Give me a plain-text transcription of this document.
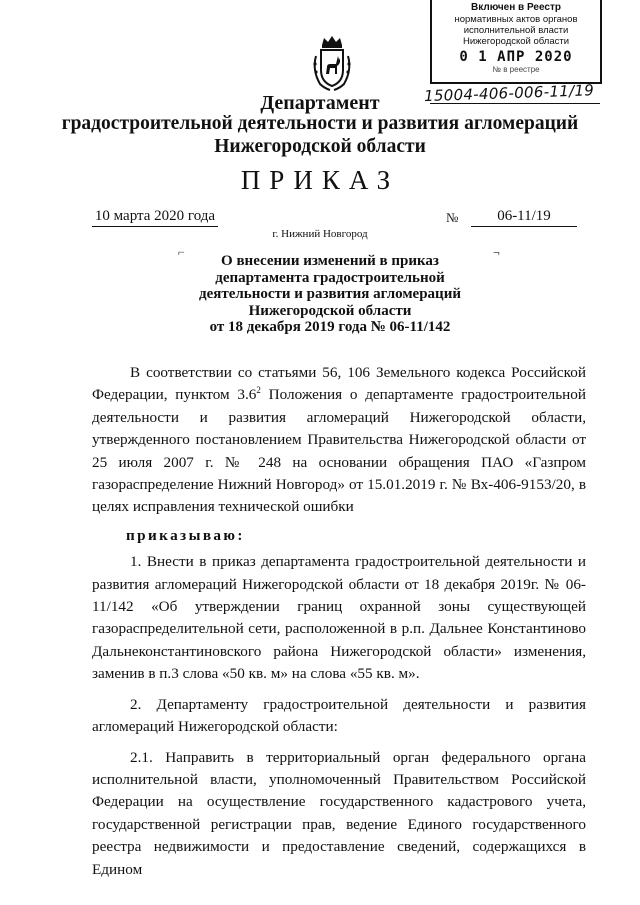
Включен в Реестр
нормативных актов органов
исполнительной власти
Нижегородской области
0 1 АПР 2020
№ в реестре
15004-406-006-11/19
Департамент
градостроительной деятельности и развития агломераций
Нижегородской области
ПРИКАЗ
10 марта 2020 года	№	06-11/19
г. Нижний Новгород
⌐	¬
О внесении изменений в приказ
департамента градостроительной
деятельности и развития агломераций
Нижегородской области
от 18 декабря 2019 года № 06-11/142

В соответствии со статьями 56, 106 Земельного кодекса Российской Федерации, пунктом $3.6^2$ Положения о департаменте градостроительной деятельности и развития агломераций Нижегородской области, утвержденного постановлением Правительства Нижегородской области от 25 июля 2007 г. № 248 на основании обращения ПАО «Газпром газораспределение Нижний Новгород» от 15.01.2019 г. № Вх-406-9153/20, в целях исправления технической ошибки

приказываю:

1. Внести в приказ департамента градостроительной деятельности и развития агломераций Нижегородской области от 18 декабря 2019г. № 06-11/142 «Об утверждении границ охранной зоны существующей газораспределительной сети, расположенной в р.п. Дальнее Константиново Дальнеконстантиновского района Нижегородской области» изменения, заменив в п.3 слова «50 кв. м» на слова «55 кв. м».

2. Департаменту градостроительной деятельности и развития агломераций Нижегородской области:

2.1. Направить в территориальный орган федерального органа исполнительной власти, уполномоченный Правительством Российской Федерации на осуществление государственного кадастрового учета, государственной регистрации прав, ведение Единого государственного реестра недвижимости и предоставление сведений, содержащихся в Едином
